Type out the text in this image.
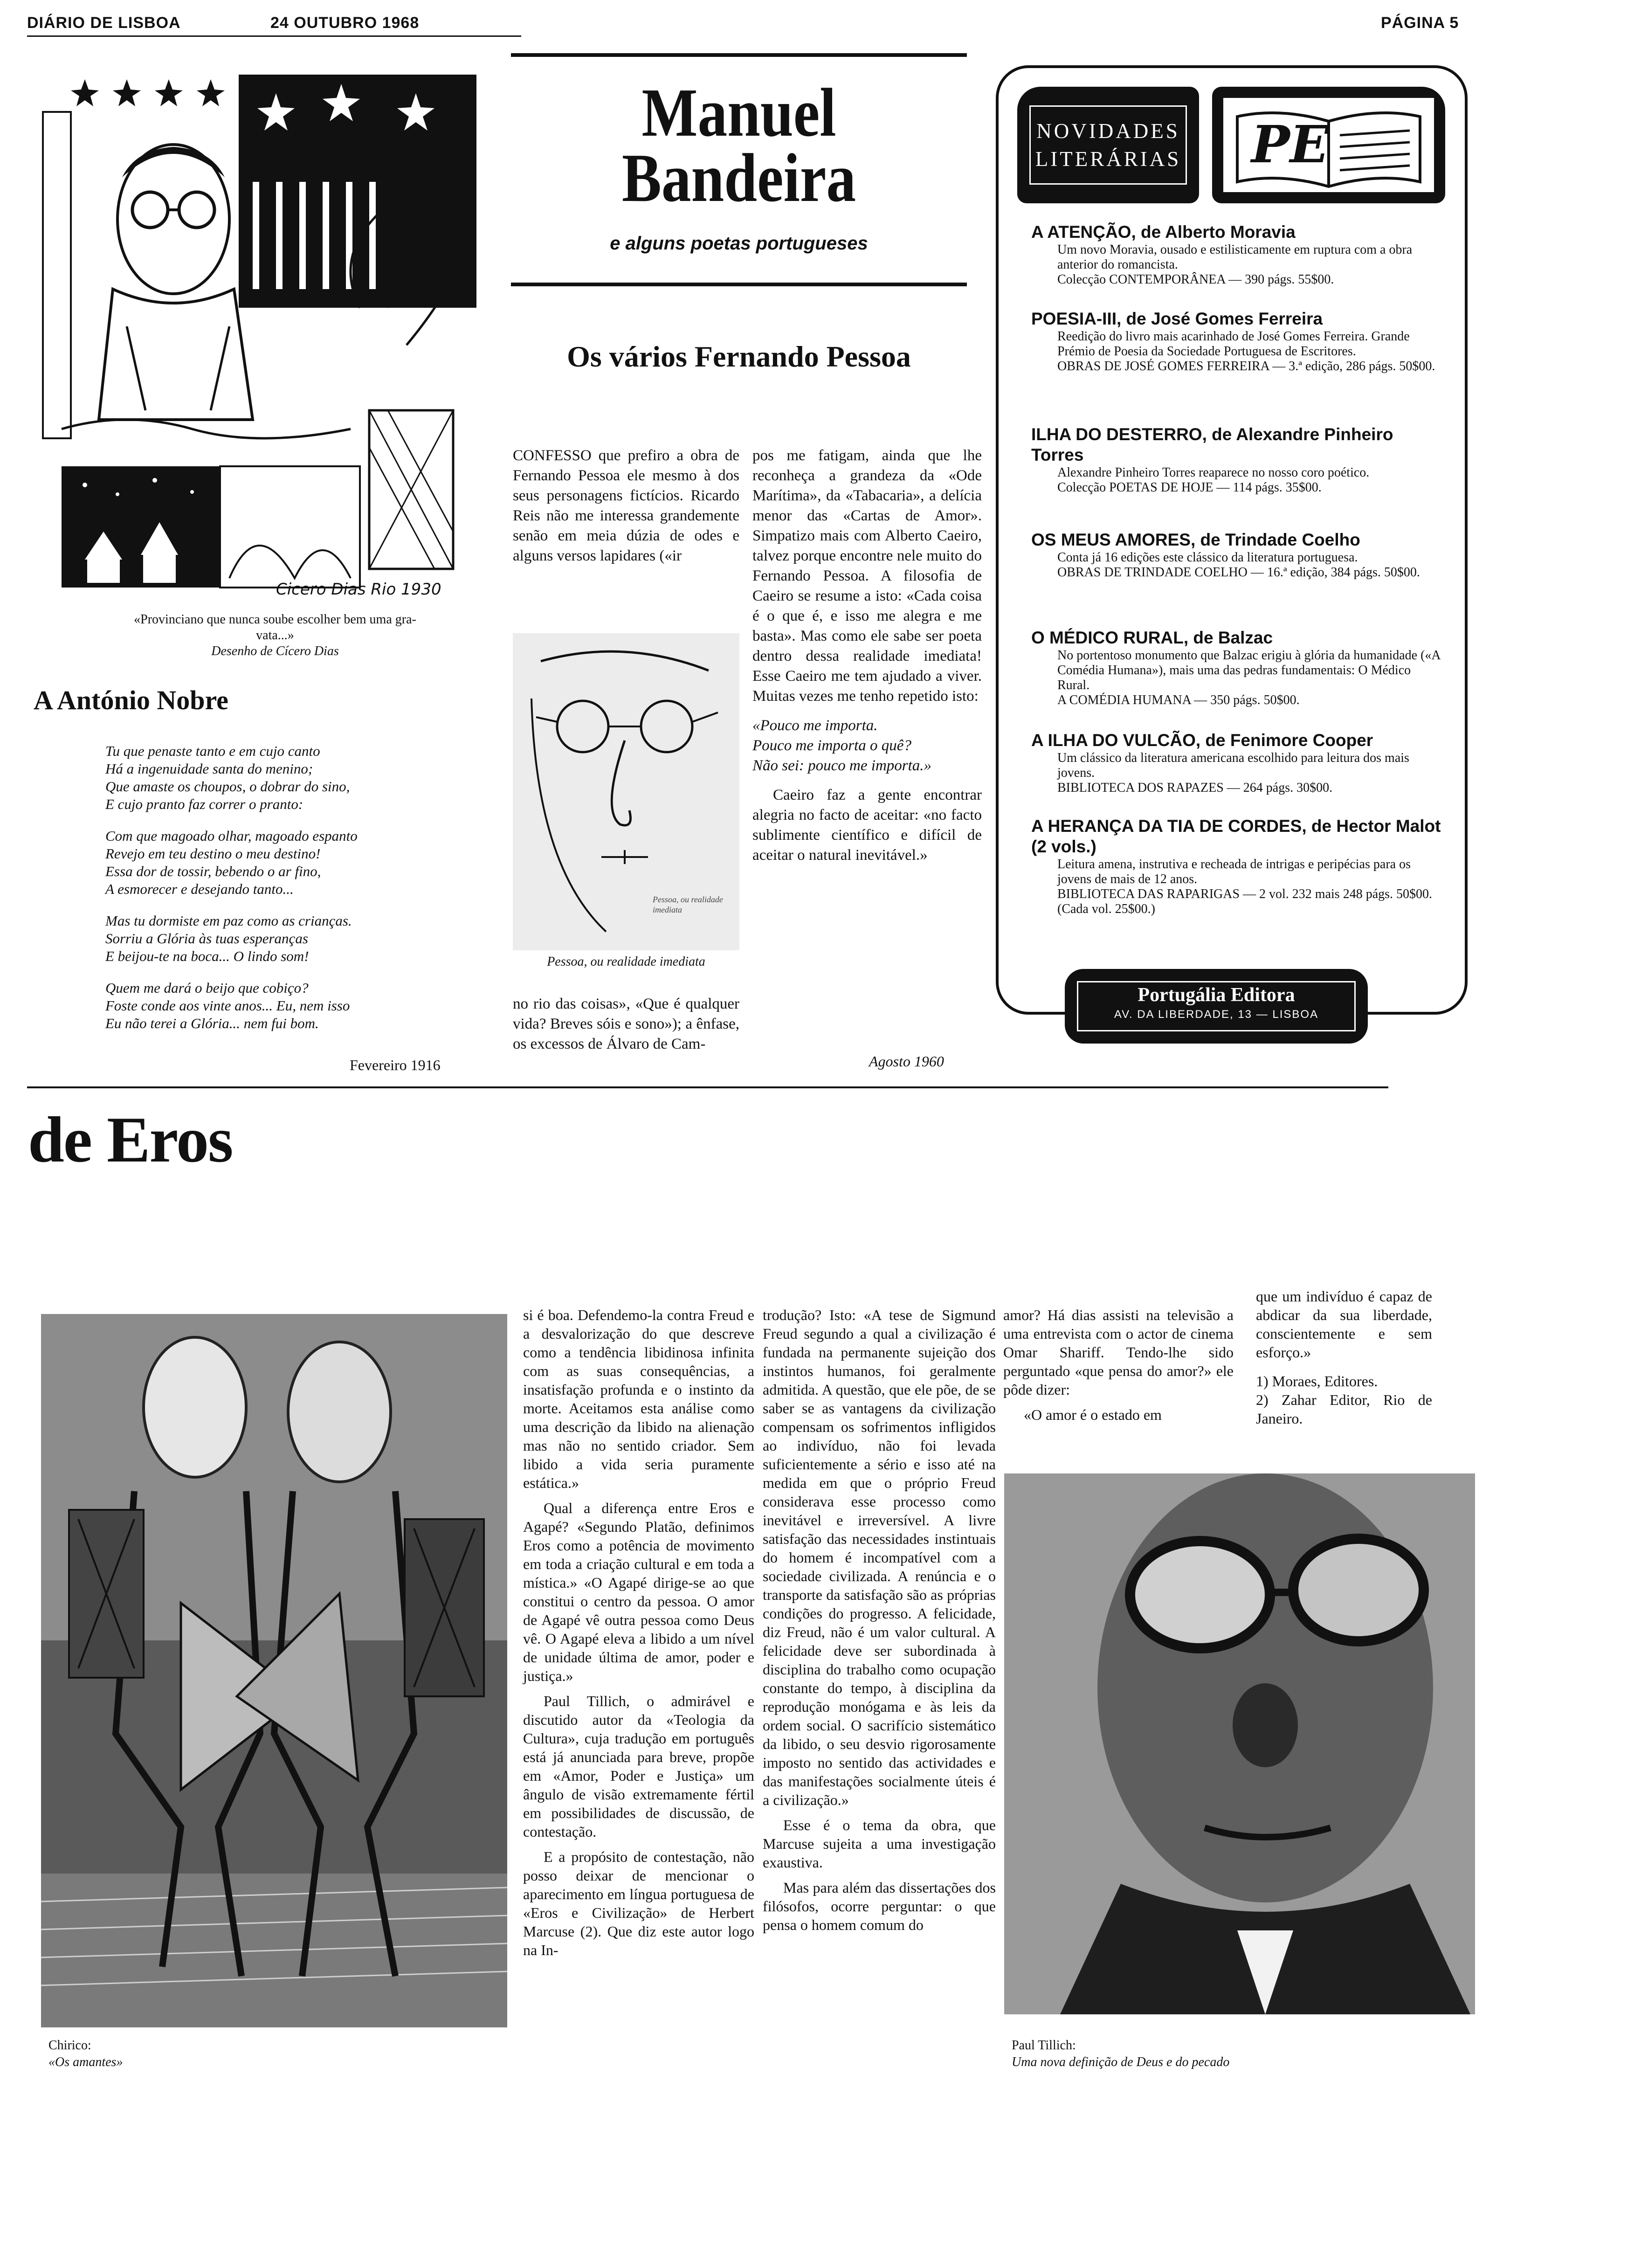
DIÁRIO DE LISBOA	24 OUTUBRO 1968	PÁGINA 5
Cicero Dias Rio 1930
«Provinciano que nunca soube escolher bem uma gra-
vata...»
Desenho de Cícero Dias
A António Nobre
Tu que penaste tanto e em cujo canto
Há a ingenuidade santa do menino;
Que amaste os choupos, o dobrar do sino,
E cujo pranto faz correr o pranto:
Com que magoado olhar, magoado espanto
Revejo em teu destino o meu destino!
Essa dor de tossir, bebendo o ar fino,
A esmorecer e desejando tanto...
Mas tu dormiste em paz como as crianças.
Sorriu a Glória às tuas esperanças
E beijou-te na boca... O lindo som!
Quem me dará o beijo que cobiço?
Foste conde aos vinte anos... Eu, nem isso
Eu não terei a Glória... nem fui bom.
Fevereiro 1916
Manuel
Bandeira
e alguns poetas portugueses
Os vários Fernando Pessoa

CONFESSO que prefiro a obra de Fernando Pessoa ele mesmo à dos seus personagens fictícios. Ricardo Reis não me interessa grandemente senão em meia dúzia de odes e alguns versos lapidares («ir

Pessoa, ou realidade imediata
Pessoa, ou realidade imediata

no rio das coisas», «Que é qualquer vida? Breves sóis e sono»); a ênfase, os excessos de Álvaro de Cam-

pos me fatigam, ainda que lhe reconheça a grandeza da «Ode Marítima», da «Tabacaria», a delícia menor das «Cartas de Amor». Simpatizo mais com Alberto Caeiro, talvez porque encontre nele muito do Fernando Pessoa. A filosofia de Caeiro se resume a isto: «Cada coisa é o que é, e isso me alegra e me basta». Mas como ele sabe ser poeta dentro dessa realidade imediata! Esse Caeiro me tem ajudado a viver. Muitas vezes me tenho repetido isto:

«Pouco me importa.
Pouco me importa o quê?
Não sei: pouco me importa.»

Caeiro faz a gente encontrar alegria no facto de aceitar: «no facto sublimente científico e difícil de aceitar o natural inevitável.»

Agosto 1960
NOVIDADES
LITERÁRIAS PE
A ATENÇÃO, de Alberto Moravia
Um novo Moravia, ousado e estilisticamente em ruptura com a obra anterior do romancista.
Colecção CONTEMPORÂNEA — 390 págs. 55$00.
POESIA-III, de José Gomes Ferreira
Reedição do livro mais acarinhado de José Gomes Ferreira. Grande Prémio de Poesia da Sociedade Portuguesa de Escritores.
OBRAS DE JOSÉ GOMES FERREIRA — 3.ª edição, 286 págs. 50$00.
ILHA DO DESTERRO, de Alexandre Pinheiro Torres
Alexandre Pinheiro Torres reaparece no nosso coro poético.
Colecção POETAS DE HOJE — 114 págs. 35$00.
OS MEUS AMORES, de Trindade Coelho
Conta já 16 edições este clássico da literatura portuguesa.
OBRAS DE TRINDADE COELHO — 16.ª edição, 384 págs. 50$00.
O MÉDICO RURAL, de Balzac
No portentoso monumento que Balzac erigiu à glória da humanidade («A Comédia Humana»), mais uma das pedras fundamentais: O Médico Rural.
A COMÉDIA HUMANA — 350 págs. 50$00.
A ILHA DO VULCÃO, de Fenimore Cooper
Um clássico da literatura americana escolhido para leitura dos mais jovens.
BIBLIOTECA DOS RAPAZES — 264 págs. 30$00.
A HERANÇA DA TIA DE CORDES, de Hector Malot (2 vols.)
Leitura amena, instrutiva e recheada de intrigas e peripécias para os jovens de mais de 12 anos.
BIBLIOTECA DAS RAPARIGAS — 2 vol. 232 mais 248 págs. 50$00. (Cada vol. 25$00.)
Portugália Editora
AV. DA LIBERDADE, 13 — LISBOA
de Eros
Chirico:
«Os amantes»

si é boa. Defendemo-la contra Freud e a desvalorização do que descreve como a tendência libidinosa infinita com as suas consequências, a insatisfação profunda e o instinto da morte. Aceitamos esta análise como uma descrição da libido na alienação mas não no sentido criador. Sem libido a vida seria puramente estática.»

Qual a diferença entre Eros e Agapé? «Segundo Platão, definimos Eros como a potência de movimento em toda a criação cultural e em toda a mística.» «O Agapé dirige-se ao que constitui o centro da pessoa. O amor de Agapé vê outra pessoa como Deus vê. O Agapé eleva a libido a um nível de unidade última de amor, poder e justiça.»

Paul Tillich, o admirável e discutido autor da «Teologia da Cultura», cuja tradução em português está já anunciada para breve, propõe em «Amor, Poder e Justiça» um ângulo de visão extremamente fértil em possibilidades de discussão, de contestação.

E a propósito de contestação, não posso deixar de mencionar o aparecimento em língua portuguesa de «Eros e Civilização» de Herbert Marcuse (2). Que diz este autor logo na In-

trodução? Isto: «A tese de Sigmund Freud segundo a qual a civilização é fundada na permanente sujeição dos instintos humanos, foi geralmente admitida. A questão, que ele põe, de se saber se as vantagens da civilização compensam os sofrimentos infligidos ao indivíduo, não foi levada suficientemente a sério e isso até na medida em que o próprio Freud considerava esse processo como inevitável e irreversível. A livre satisfação das necessidades instintuais do homem é incompatível com a sociedade civilizada. A renúncia e o transporte da satisfação são as próprias condições do progresso. A felicidade, diz Freud, não é um valor cultural. A felicidade deve ser subordinada à disciplina do trabalho como ocupação constante do tempo, à disciplina da reprodução monógama e às leis da ordem social. O sacrifício sistemático da libido, o seu desvio rigorosamente imposto no sentido das actividades e das manifestações socialmente úteis é a civilização.»

Esse é o tema da obra, que Marcuse sujeita a uma investigação exaustiva.

Mas para além das dissertações dos filósofos, ocorre perguntar: o que pensa o homem comum do

amor? Há dias assisti na televisão a uma entrevista com o actor de cinema Omar Shariff. Tendo-lhe sido perguntado «que pensa do amor?» ele pôde dizer:

«O amor é o estado em

que um indivíduo é capaz de abdicar da sua liberdade, conscientemente e sem esforço.»

1) Moraes, Editores.
2) Zahar Editor, Rio de Janeiro.
Paul Tillich:
Uma nova definição de Deus e do pecado
